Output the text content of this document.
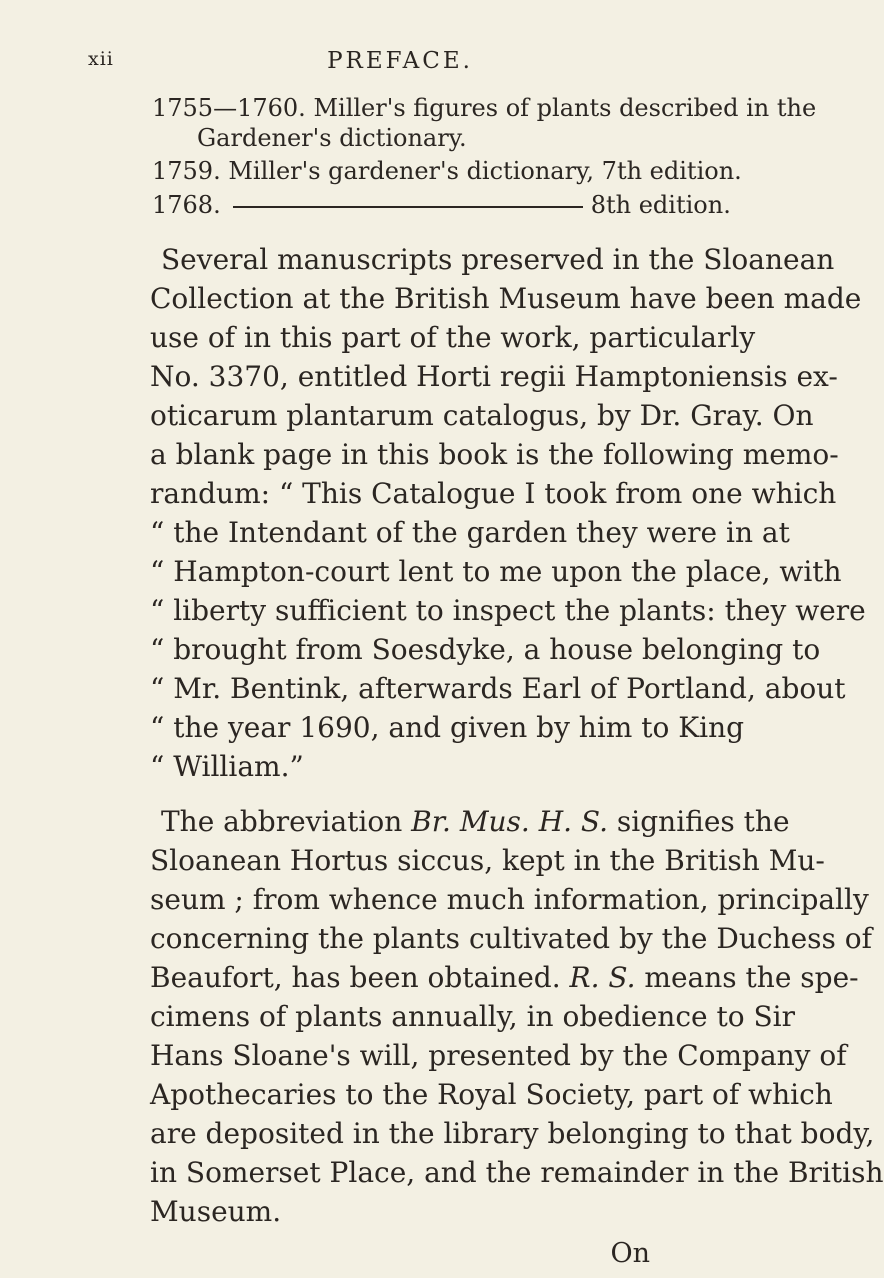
xii	PREFACE.
1755—1760. Miller's figures of plants described in the
Gardener's dictionary.
1759. Miller's gardener's dictionary, 7th edition.
1768.	8th edition.
Several manuscripts preserved in the Sloanean
Collection at the British Museum have been made
use of in this part of the work, particularly
No. 3370, entitled Horti regii Hamptoniensis ex-
oticarum plantarum catalogus, by Dr. Gray. On
a blank page in this book is the following memo-
randum: “ This Catalogue I took from one which
“ the Intendant of the garden they were in at
“ Hampton-court lent to me upon the place, with
“ liberty sufficient to inspect the plants: they were
“ brought from Soesdyke, a house belonging to
“ Mr. Bentink, afterwards Earl of Portland, about
“ the year 1690, and given by him to King
“ William.”
The abbreviation Br. Mus. H. S. signifies the
Sloanean Hortus siccus, kept in the British Mu-
seum ; from whence much information, principally
concerning the plants cultivated by the Duchess of
Beaufort, has been obtained. R. S. means the spe-
cimens of plants annually, in obedience to Sir
Hans Sloane's will, presented by the Company of
Apothecaries to the Royal Society, part of which
are deposited in the library belonging to that body,
in Somerset Place, and the remainder in the British
Museum.
On
